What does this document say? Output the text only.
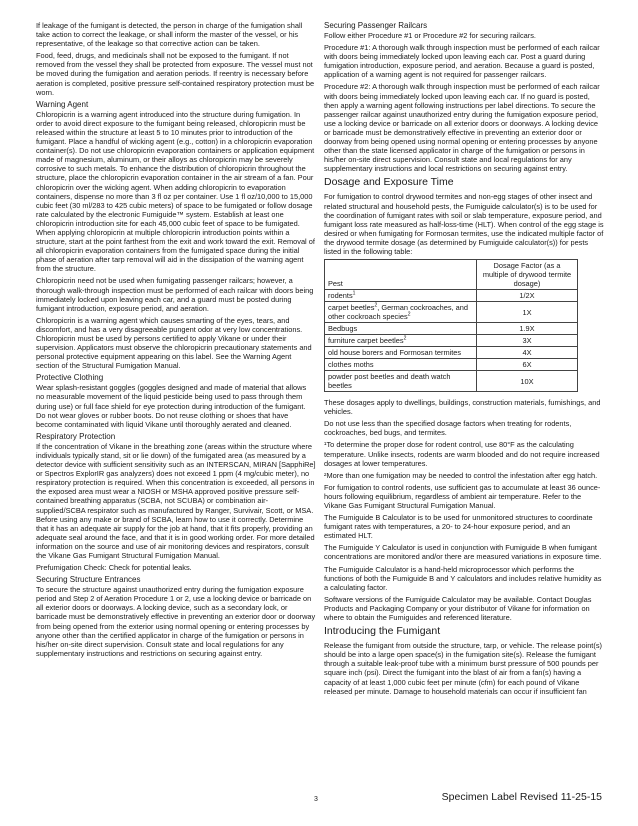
If leakage of the fumigant is detected, the person in charge of the fumigation shall take action to correct the leakage, or shall inform the master of the vessel, or his representative, of the leakage so that corrective action can be taken.

Food, feed, drugs, and medicinals shall not be exposed to the fumigant. If not removed from the vessel they shall be protected from exposure. The vessel must not be moved during the fumigation and aeration periods. If reentry is necessary before aeration is completed, positive pressure self-contained respiratory protection must be worn.

Warning Agent

Chloropicrin is a warning agent introduced into the structure during fumigation. In order to avoid direct exposure to the fumigant being released, chloropicrin must be released within the structure at least 5 to 10 minutes prior to introduction of the fumigant. Place a handful of wicking agent (e.g., cotton) in a chloropicrin evaporation container(s). Do not use chloropicrin evaporation containers or application equipment made of magnesium, aluminum, or their alloys as chloropicrin may be severely corrosive to such metals. To enhance the distribution of chloropicrin throughout the structure, place the chloropicrin evaporation container in the air stream of a fan. Pour chloropicrin over the wicking agent. When adding chloropicrin to evaporation containers, dispense no more than 3 fl oz per container. Use 1 fl oz/10,000 to 15,000 cubic feet (30 ml/283 to 425 cubic meters) of space to be fumigated or follow dosage rate calculated by the electronic Fumiguide™ system. Establish at least one chloropicrin introduction site for each 45,000 cubic feet of space to be fumigated. When applying chloropicrin at multiple chloropicrin introduction points within a structure, start at the point farthest from the exit and work toward the exit. Removal of all chloropicrin evaporation containers from the fumigated space during the initial phase of aeration after tarp removal will aid in the dissipation of the warning agent from the structure.

Chloropicrin need not be used when fumigating passenger railcars; however, a thorough walk-through inspection must be performed of each railcar with doors being immediately locked upon leaving each car, and a guard must be posted during fumigant introduction, exposure period, and aeration.

Chloropicrin is a warning agent which causes smarting of the eyes, tears, and discomfort, and has a very disagreeable pungent odor at very low concentrations. Chloropicrin must be used by persons certified to apply Vikane or under their supervision. Applicators must observe the chloropicrin precautionary statements and personal protective equipment appearing on this label. See the Warning Agent section of the Structural Fumigation Manual.

Protective Clothing

Wear splash-resistant goggles (goggles designed and made of material that allows no measurable movement of the liquid pesticide being used to pass through them during use) or full face shield for eye protection during introduction of the fumigant. Do not wear gloves or rubber boots. Do not reuse clothing or shoes that have become contaminated with liquid Vikane until thoroughly aerated and cleaned.

Respiratory Protection

If the concentration of Vikane in the breathing zone (areas within the structure where individuals typically stand, sit or lie down) of the fumigated area (as measured by a detector device with sufficient sensitivity such as an INTERSCAN, MIRAN [SapphiRe] or Spectros ExplorIR gas analyzers) does not exceed 1 ppm (4 mg/cubic meter), no respiratory protection is required. When this concentration is exceeded, all persons in the exposed area must wear a NIOSH or MSHA approved positive pressure self-contained breathing apparatus (SCBA, not SCUBA) or combination air-supplied/SCBA respirator such as manufactured by Ranger, Survivair, Scott, or MSA. Before using any make or brand of SCBA, learn how to use it correctly. Determine that it has an adequate air supply for the job at hand, that it fits properly, providing an adequate seal around the face, and that it is in good working order. For more detailed information on the source and use of air monitoring devices and respirators, consult the Vikane Gas Fumigant Structural Fumigation Manual.

Prefumigation Check: Check for potential leaks.

Securing Structure Entrances

To secure the structure against unauthorized entry during the fumigation exposure period and Step 2 of Aeration Procedure 1 or 2, use a locking device or barricade on all exterior doors or doorways. A locking device, such as a secondary lock, or barricade must be demonstratively effective in preventing an exterior door or doorway from being opened from the exterior using normal opening or entering processes by anyone other than the certified applicator in charge of the fumigation or persons in his/her on-site direct supervision. Consult state and local regulations for any supplementary instructions and restrictions on securing against entry.

Securing Passenger Railcars

Follow either Procedure #1 or Procedure #2 for securing railcars.

Procedure #1: A thorough walk through inspection must be performed of each railcar with doors being immediately locked upon leaving each car. Post a guard during fumigation introduction, exposure period, and aeration. Because a guard is posted, application of a warning agent is not required for passenger railcars.

Procedure #2: A thorough walk through inspection must be performed of each railcar with doors being immediately locked upon leaving each car. If no guard is posted, then apply a warning agent following instructions per label directions. To secure the passenger railcar against unauthorized entry during the fumigation exposure period, use a locking device or barricade on all exterior doors or doorways. A locking device or barricade must be demonstratively effective in preventing an exterior door or doorway from being opened using normal opening or entering processes by anyone other than the state licensed applicator in charge of the fumigation or persons in his/her on-site direct supervision. Consult state and local regulations for any supplementary instructions and local restrictions on securing against entry.

Dosage and Exposure Time

For fumigation to control drywood termites and non-egg stages of other insect and related structural and household pests, the Fumiguide calculator(s) is to be used for the coordination of fumigant rates with soil or slab temperature, exposure period, and fumigant loss rate measured as half-loss-time (HLT). When control of the egg stage is desired or when fumigating for Formosan termites, use the indicated multiple factor of the drywood termite dosage (as determined by Fumiguide calculator(s)) for pests listed in the following table:

Pest	Dosage Factor (as a multiple of drywood termite dosage)
rodents$^1$	1/2X
carpet beetles$^2$, German cockroaches, and other cockroach species$^2$	1X
Bedbugs	1.9X
furniture carpet beetles$^2$	3X
old house borers and Formosan termites	4X
clothes moths	6X
powder post beetles and death watch beetles	10X

These dosages apply to dwellings, buildings, construction materials, furnishings, and vehicles.

Do not use less than the specified dosage factors when treating for rodents, cockroaches, bed bugs, and termites.

¹To determine the proper dose for rodent control, use 80°F as the calculating temperature. Unlike insects, rodents are warm blooded and do not require increased dosages at lower temperatures.

²More than one fumigation may be needed to control the infestation after egg hatch.

For fumigation to control rodents, use sufficient gas to accumulate at least 36 ounce-hours following equilibrium, regardless of ambient air temperature. Refer to the Vikane Gas Fumigant Structural Fumigation Manual.

The Fumiguide B Calculator is to be used for unmonitored structures to coordinate fumigant rates with temperatures, a 20- to 24-hour exposure period, and an estimated HLT.

The Fumiguide Y Calculator is used in conjunction with Fumiguide B when fumigant concentrations are monitored and/or there are measured variations in exposure time.

The Fumiguide Calculator is a hand-held microprocessor which performs the functions of both the Fumiguide B and Y calculators and includes relative humidity as a calculating factor.

Software versions of the Fumiguide Calculator may be available. Contact Douglas Products and Packaging Company or your distributor of Vikane for information on where to obtain the Fumiguides and referenced literature.

Introducing the Fumigant

Release the fumigant from outside the structure, tarp, or vehicle. The release point(s) should be into a large open space(s) in the fumigation site(s). Release the fumigant through a suitable leak-proof tube with a minimum burst pressure of 500 pounds per square inch (psi). Direct the fumigant into the blast of air from a fan(s) having a capacity of at least 1,000 cubic feet per minute (cfm) for each pound of Vikane released per minute. Damage to household materials can occur if insufficient fan

3	Specimen Label Revised 11-25-15
